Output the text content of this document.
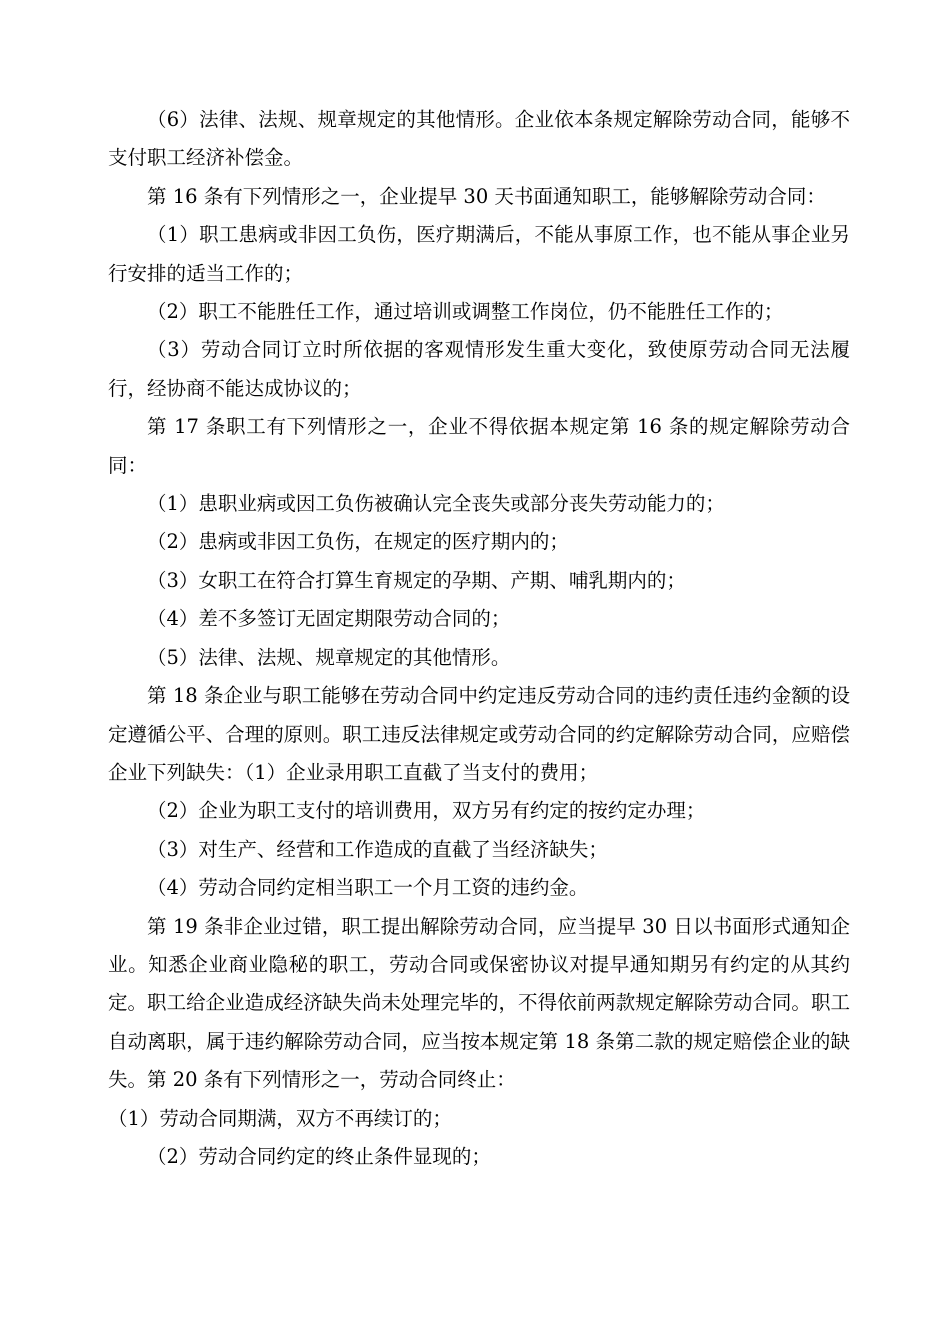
（6）法律、法规、规章规定的其他情形。企业依本条规定解除劳动合同，能够不支付职工经济补偿金。

第 16 条有下列情形之一，企业提早 30 天书面通知职工，能够解除劳动合同：

（1）职工患病或非因工负伤，医疗期满后，不能从事原工作，也不能从事企业另行安排的适当工作的；

（2）职工不能胜任工作，通过培训或调整工作岗位，仍不能胜任工作的；

（3）劳动合同订立时所依据的客观情形发生重大变化，致使原劳动合同无法履行，经协商不能达成协议的；

第 17 条职工有下列情形之一，企业不得依据本规定第 16 条的规定解除劳动合同：

（1）患职业病或因工负伤被确认完全丧失或部分丧失劳动能力的；

（2）患病或非因工负伤，在规定的医疗期内的；

（3）女职工在符合打算生育规定的孕期、产期、哺乳期内的；

（4）差不多签订无固定期限劳动合同的；

（5）法律、法规、规章规定的其他情形。

第 18 条企业与职工能够在劳动合同中约定违反劳动合同的违约责任违约金额的设定遵循公平、合理的原则。职工违反法律规定或劳动合同的约定解除劳动合同，应赔偿企业下列缺失：（1）企业录用职工直截了当支付的费用；

（2）企业为职工支付的培训费用，双方另有约定的按约定办理；

（3）对生产、经营和工作造成的直截了当经济缺失；

（4）劳动合同约定相当职工一个月工资的违约金。

第 19 条非企业过错，职工提出解除劳动合同，应当提早 30 日以书面形式通知企业。知悉企业商业隐秘的职工，劳动合同或保密协议对提早通知期另有约定的从其约定。职工给企业造成经济缺失尚未处理完毕的，不得依前两款规定解除劳动合同。职工自动离职，属于违约解除劳动合同，应当按本规定第 18 条第二款的规定赔偿企业的缺失。第 20 条有下列情形之一，劳动合同终止：

（1）劳动合同期满，双方不再续订的；

（2）劳动合同约定的终止条件显现的；
